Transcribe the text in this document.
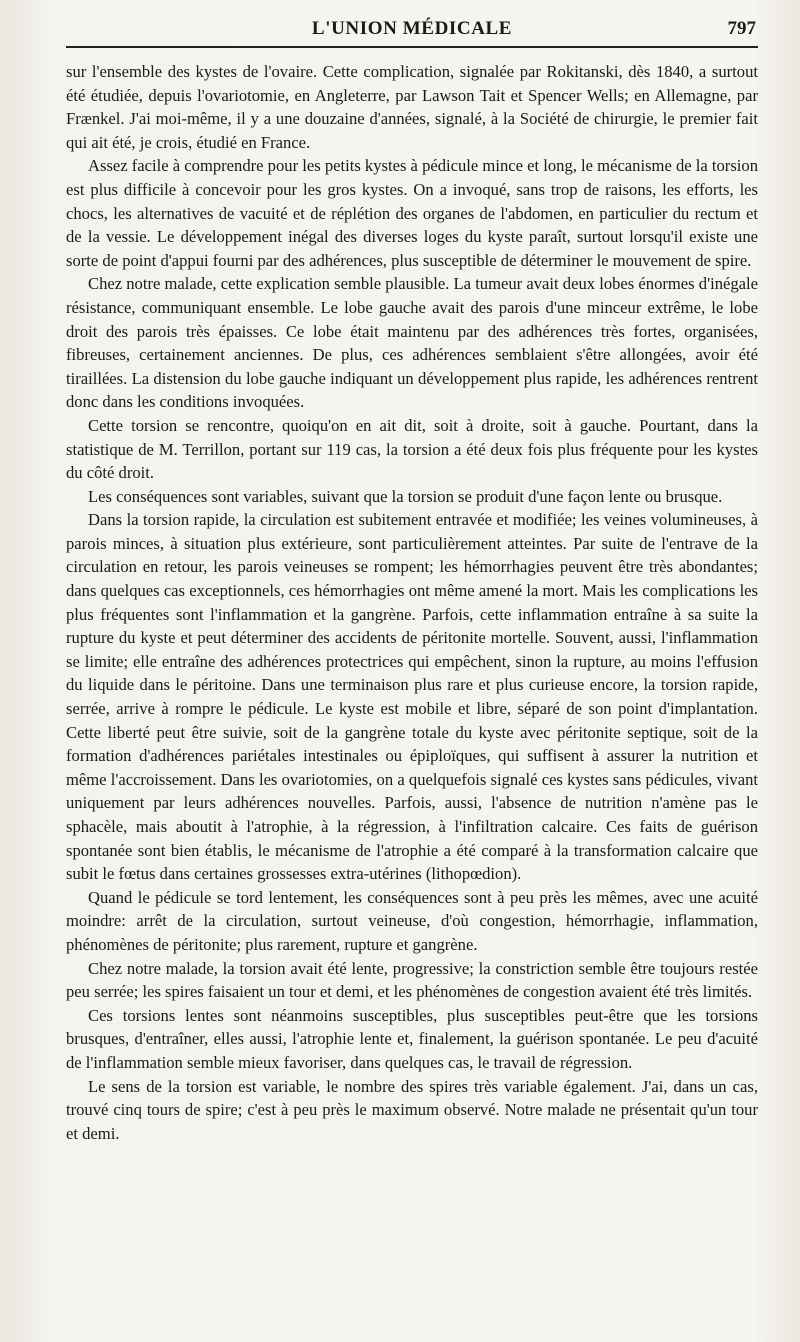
L'UNION MÉDICALE	797

sur l'ensemble des kystes de l'ovaire. Cette complication, signalée par Rokitanski, dès 1840, a surtout été étudiée, depuis l'ovariotomie, en Angleterre, par Lawson Tait et Spencer Wells; en Allemagne, par Frænkel. J'ai moi-même, il y a une douzaine d'années, signalé, à la Société de chirurgie, le premier fait qui ait été, je crois, étudié en France.

Assez facile à comprendre pour les petits kystes à pédicule mince et long, le mécanisme de la torsion est plus difficile à concevoir pour les gros kystes. On a invoqué, sans trop de raisons, les efforts, les chocs, les alternatives de vacuité et de réplétion des organes de l'abdomen, en particulier du rectum et de la vessie. Le développement inégal des diverses loges du kyste paraît, surtout lorsqu'il existe une sorte de point d'appui fourni par des adhérences, plus susceptible de déterminer le mouvement de spire.

Chez notre malade, cette explication semble plausible. La tumeur avait deux lobes énormes d'inégale résistance, communiquant ensemble. Le lobe gauche avait des parois d'une minceur extrême, le lobe droit des parois très épaisses. Ce lobe était maintenu par des adhérences très fortes, organisées, fibreuses, certainement anciennes. De plus, ces adhérences semblaient s'être allongées, avoir été tiraillées. La distension du lobe gauche indiquant un développement plus rapide, les adhérences rentrent donc dans les conditions invoquées.

Cette torsion se rencontre, quoiqu'on en ait dit, soit à droite, soit à gauche. Pourtant, dans la statistique de M. Terrillon, portant sur 119 cas, la torsion a été deux fois plus fréquente pour les kystes du côté droit.

Les conséquences sont variables, suivant que la torsion se produit d'une façon lente ou brusque.

Dans la torsion rapide, la circulation est subitement entravée et modifiée; les veines volumineuses, à parois minces, à situation plus extérieure, sont particulièrement atteintes. Par suite de l'entrave de la circulation en retour, les parois veineuses se rompent; les hémorrhagies peuvent être très abondantes; dans quelques cas exceptionnels, ces hémorrhagies ont même amené la mort. Mais les complications les plus fréquentes sont l'inflammation et la gangrène. Parfois, cette inflammation entraîne à sa suite la rupture du kyste et peut déterminer des accidents de péritonite mortelle. Souvent, aussi, l'inflammation se limite; elle entraîne des adhérences protectrices qui empêchent, sinon la rupture, au moins l'effusion du liquide dans le péritoine. Dans une terminaison plus rare et plus curieuse encore, la torsion rapide, serrée, arrive à rompre le pédicule. Le kyste est mobile et libre, séparé de son point d'implantation. Cette liberté peut être suivie, soit de la gangrène totale du kyste avec péritonite septique, soit de la formation d'adhérences pariétales intestinales ou épiploïques, qui suffisent à assurer la nutrition et même l'accroissement. Dans les ovariotomies, on a quelquefois signalé ces kystes sans pédicules, vivant uniquement par leurs adhérences nouvelles. Parfois, aussi, l'absence de nutrition n'amène pas le sphacèle, mais aboutit à l'atrophie, à la régression, à l'infiltration calcaire. Ces faits de guérison spontanée sont bien établis, le mécanisme de l'atrophie a été comparé à la transformation calcaire que subit le fœtus dans certaines grossesses extra-utérines (lithopœdion).

Quand le pédicule se tord lentement, les conséquences sont à peu près les mêmes, avec une acuité moindre: arrêt de la circulation, surtout veineuse, d'où congestion, hémorrhagie, inflammation, phénomènes de péritonite; plus rarement, rupture et gangrène.

Chez notre malade, la torsion avait été lente, progressive; la constriction semble être toujours restée peu serrée; les spires faisaient un tour et demi, et les phénomènes de congestion avaient été très limités.

Ces torsions lentes sont néanmoins susceptibles, plus susceptibles peut-être que les torsions brusques, d'entraîner, elles aussi, l'atrophie lente et, finalement, la guérison spontanée. Le peu d'acuité de l'inflammation semble mieux favoriser, dans quelques cas, le travail de régression.

Le sens de la torsion est variable, le nombre des spires très variable également. J'ai, dans un cas, trouvé cinq tours de spire; c'est à peu près le maximum observé. Notre malade ne présentait qu'un tour et demi.
